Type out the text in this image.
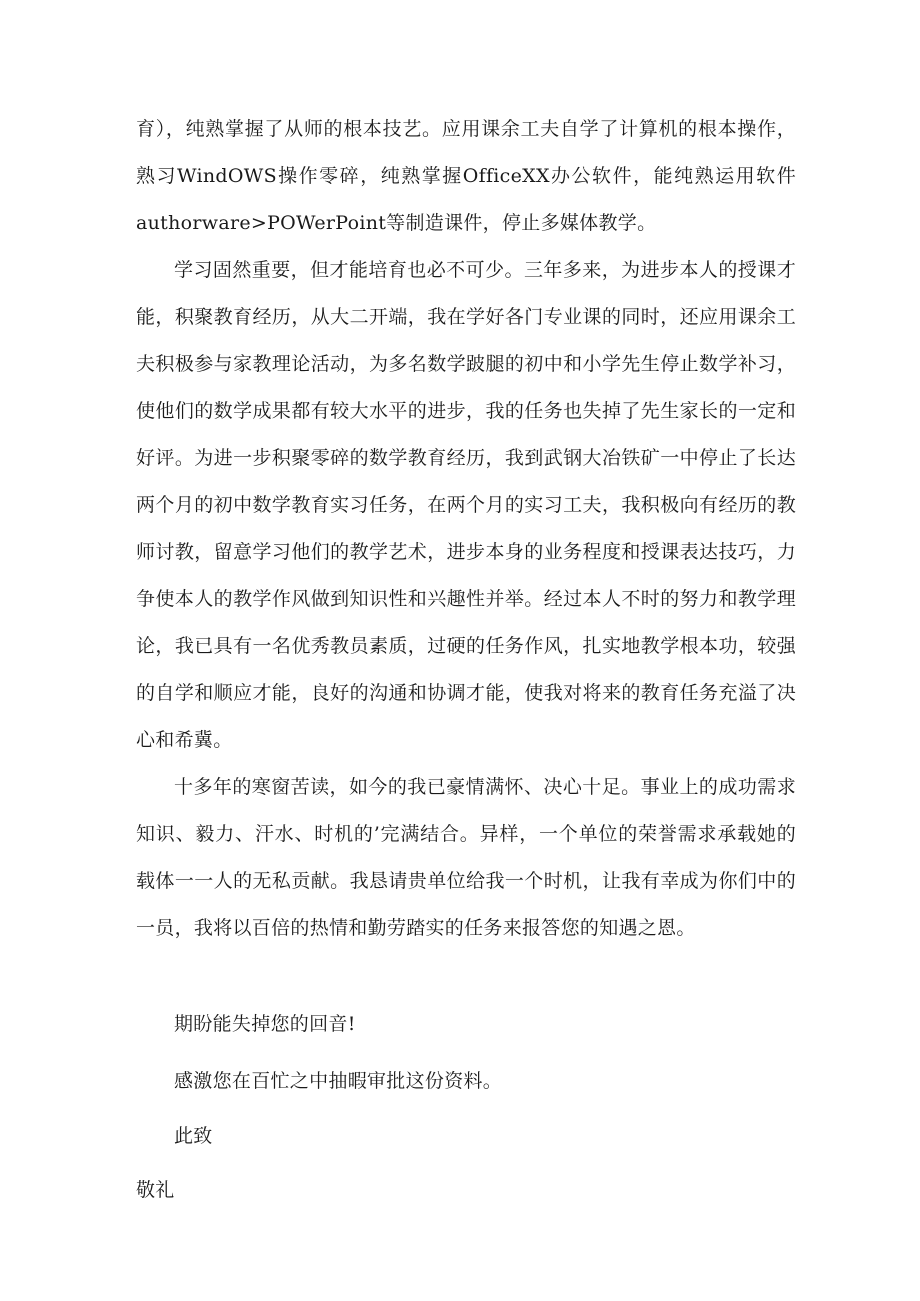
育），纯熟掌握了从师的根本技艺。应用课余工夫自学了计算机的根本操作，熟习WindOWS操作零碎，纯熟掌握OfficeXX办公软件，能纯熟运用软件authorware>POWerPoint等制造课件，停止多媒体教学。

学习固然重要，但才能培育也必不可少。三年多来，为进步本人的授课才能，积聚教育经历，从大二开端，我在学好各门专业课的同时，还应用课余工夫积极参与家教理论活动，为多名数学跛腿的初中和小学先生停止数学补习，使他们的数学成果都有较大水平的进步，我的任务也失掉了先生家长的一定和好评。为进一步积聚零碎的数学教育经历，我到武钢大冶铁矿一中停止了长达两个月的初中数学教育实习任务，在两个月的实习工夫，我积极向有经历的教师讨教，留意学习他们的教学艺术，进步本身的业务程度和授课表达技巧，力争使本人的教学作风做到知识性和兴趣性并举。经过本人不时的努力和教学理论，我已具有一名优秀教员素质，过硬的任务作风，扎实地教学根本功，较强的自学和顺应才能，良好的沟通和协调才能，使我对将来的教育任务充溢了决心和希冀。

十多年的寒窗苦读，如今的我已豪情满怀、决心十足。事业上的成功需求知识、毅力、汗水、时机的’完满结合。异样，一个单位的荣誉需求承载她的载体一一人的无私贡献。我恳请贵单位给我一个时机，让我有幸成为你们中的一员，我将以百倍的热情和勤劳踏实的任务来报答您的知遇之恩。

期盼能失掉您的回音!

感激您在百忙之中抽暇审批这份资料。

此致

敬礼
